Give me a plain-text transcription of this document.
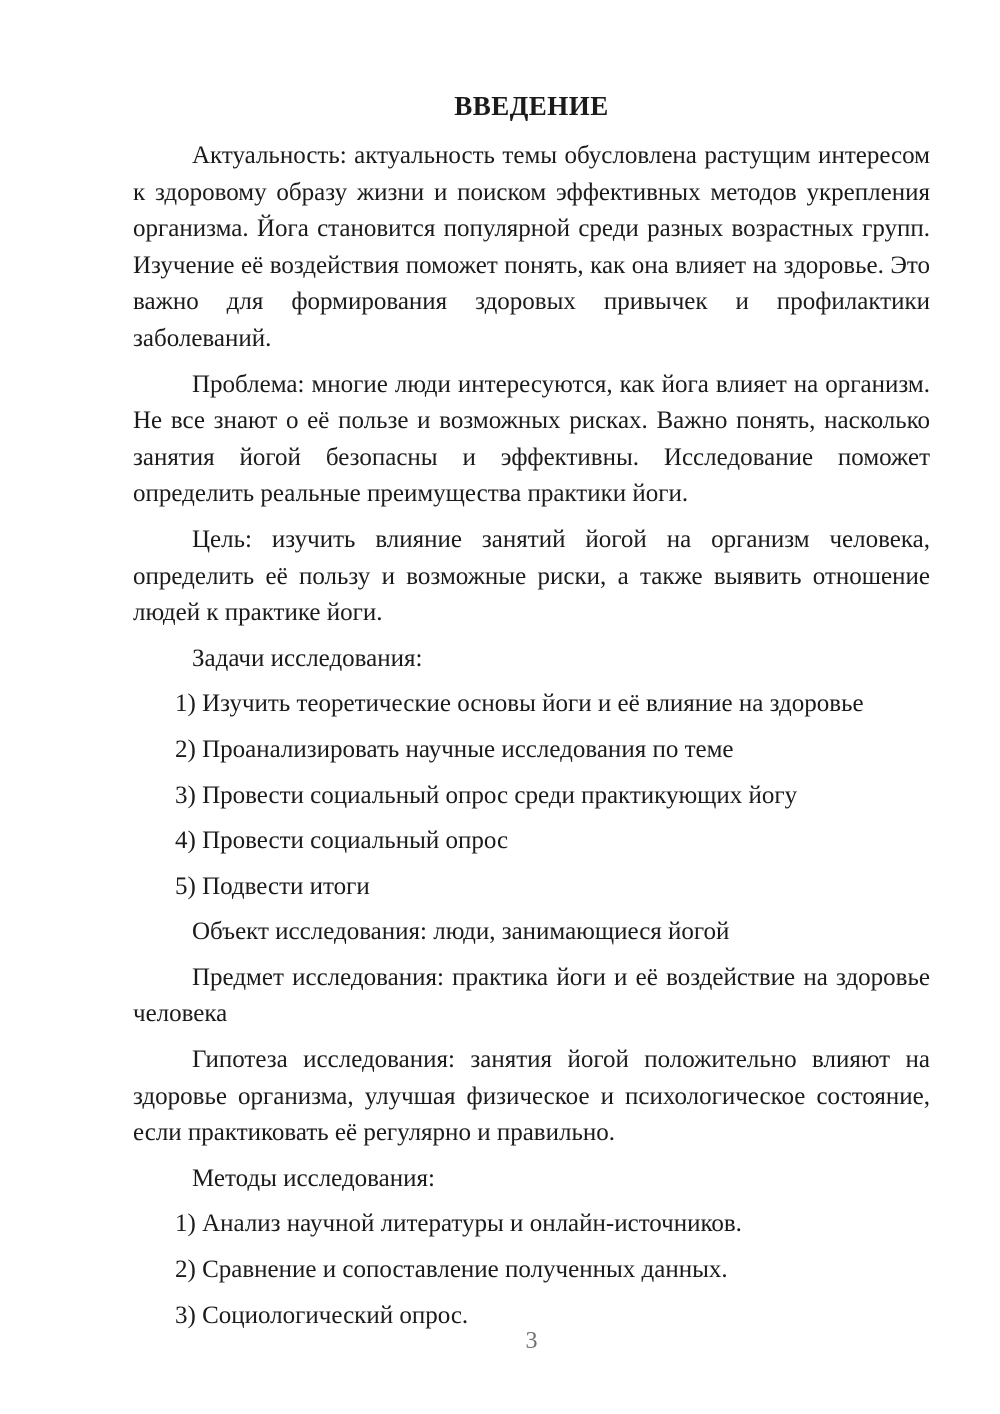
ВВЕДЕНИЕ

Актуальность: актуальность темы обусловлена растущим интересом к здоровому образу жизни и поиском эффективных методов укрепления организма. Йога становится популярной среди разных возрастных групп. Изучение её воздействия поможет понять, как она влияет на здоровье. Это важно для формирования здоровых привычек и профилактики заболеваний.

Проблема: многие люди интересуются, как йога влияет на организм. Не все знают о её пользе и возможных рисках. Важно понять, насколько занятия йогой безопасны и эффективны. Исследование поможет определить реальные преимущества практики йоги.

Цель: изучить влияние занятий йогой на организм человека, определить её пользу и возможные риски, а также выявить отношение людей к практике йоги.

Задачи исследования:

1) Изучить теоретические основы йоги и её влияние на здоровье

2) Проанализировать научные исследования по теме

3) Провести социальный опрос среди практикующих йогу

4) Провести социальный опрос

5) Подвести итоги

Объект исследования: люди, занимающиеся йогой

Предмет исследования: практика йоги и её воздействие на здоровье человека

Гипотеза исследования: занятия йогой положительно влияют на здоровье организма, улучшая физическое и психологическое состояние, если практиковать её регулярно и правильно.

Методы исследования:

1) Анализ научной литературы и онлайн-источников.

2) Сравнение и сопоставление полученных данных.

3) Социологический опрос.

3
